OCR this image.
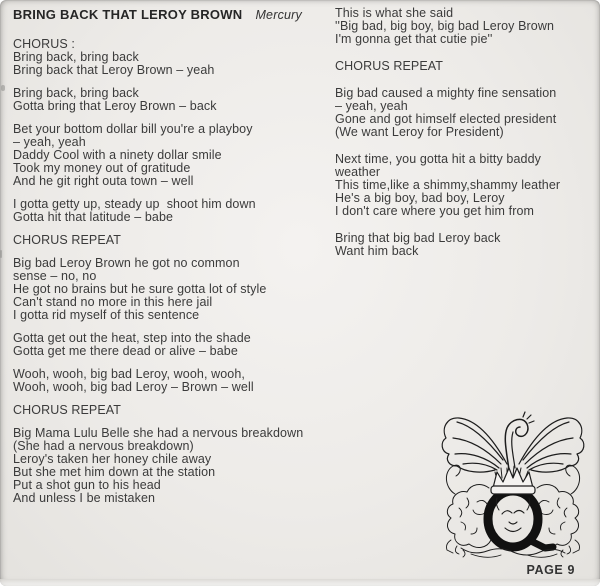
BRING BACK THAT LEROY BROWN Mercury
CHORUS :
Bring back, bring back
Bring back that Leroy Brown – yeah
Bring back, bring back
Gotta bring that Leroy Brown – back
Bet your bottom dollar bill you're a playboy
– yeah, yeah
Daddy Cool with a ninety dollar smile
Took my money out of gratitude
And he git right outa town – well
I gotta getty up, steady up  shoot him down
Gotta hit that latitude – babe
CHORUS REPEAT
Big bad Leroy Brown he got no common
sense – no, no
He got no brains but he sure gotta lot of style
Can't stand no more in this here jail
I gotta rid myself of this sentence
Gotta get out the heat, step into the shade
Gotta get me there dead or alive – babe
Wooh, wooh, big bad Leroy, wooh, wooh,
Wooh, wooh, big bad Leroy – Brown – well
CHORUS REPEAT
Big Mama Lulu Belle she had a nervous breakdown
(She had a nervous breakdown)
Leroy's taken her honey chile away
But she met him down at the station
Put a shot gun to his head
And unless I be mistaken
This is what she said
''Big bad, big boy, big bad Leroy Brown
I'm gonna get that cutie pie''
CHORUS REPEAT
Big bad caused a mighty fine sensation
– yeah, yeah
Gone and got himself elected president
(We want Leroy for President)
Next time, you gotta hit a bitty baddy
weather
This time,like a shimmy,shammy leather
He's a big boy, bad boy, Leroy
I don't care where you get him from
Bring that big bad Leroy back
Want him back
PAGE 9
